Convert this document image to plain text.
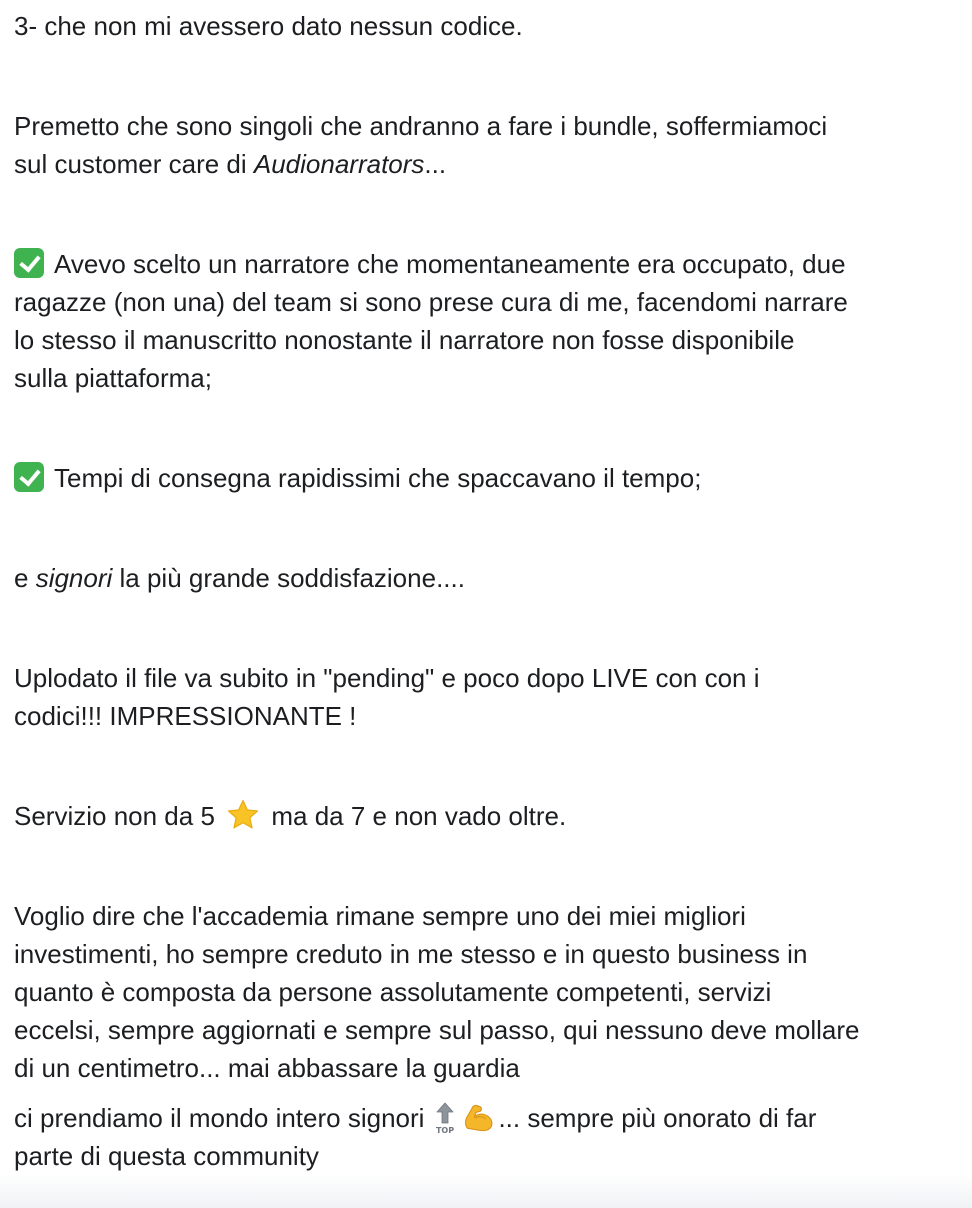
3- che non mi avessero dato nessun codice.
Premetto che sono singoli che andranno a fare i bundle, soffermiamoci
sul customer care di Audionarrators...
Avevo scelto un narratore che momentaneamente era occupato, due
ragazze (non una) del team si sono prese cura di me, facendomi narrare
lo stesso il manuscritto nonostante il narratore non fosse disponibile
sulla piattaforma;
Tempi di consegna rapidissimi che spaccavano il tempo;
e signori la più grande soddisfazione....
Uplodato il file va subito in "pending" e poco dopo LIVE con con i
codici!!! IMPRESSIONANTE !
Servizio non da 5 ma da 7 e non vado oltre.
Voglio dire che l'accademia rimane sempre uno dei miei migliori
investimenti, ho sempre creduto in me stesso e in questo business in
quanto è composta da persone assolutamente competenti, servizi
eccelsi, sempre aggiornati e sempre sul passo, qui nessuno deve mollare
di un centimetro... mai abbassare la guardia
ci prendiamo il mondo intero signori TOP ... sempre più onorato di far
parte di questa community
